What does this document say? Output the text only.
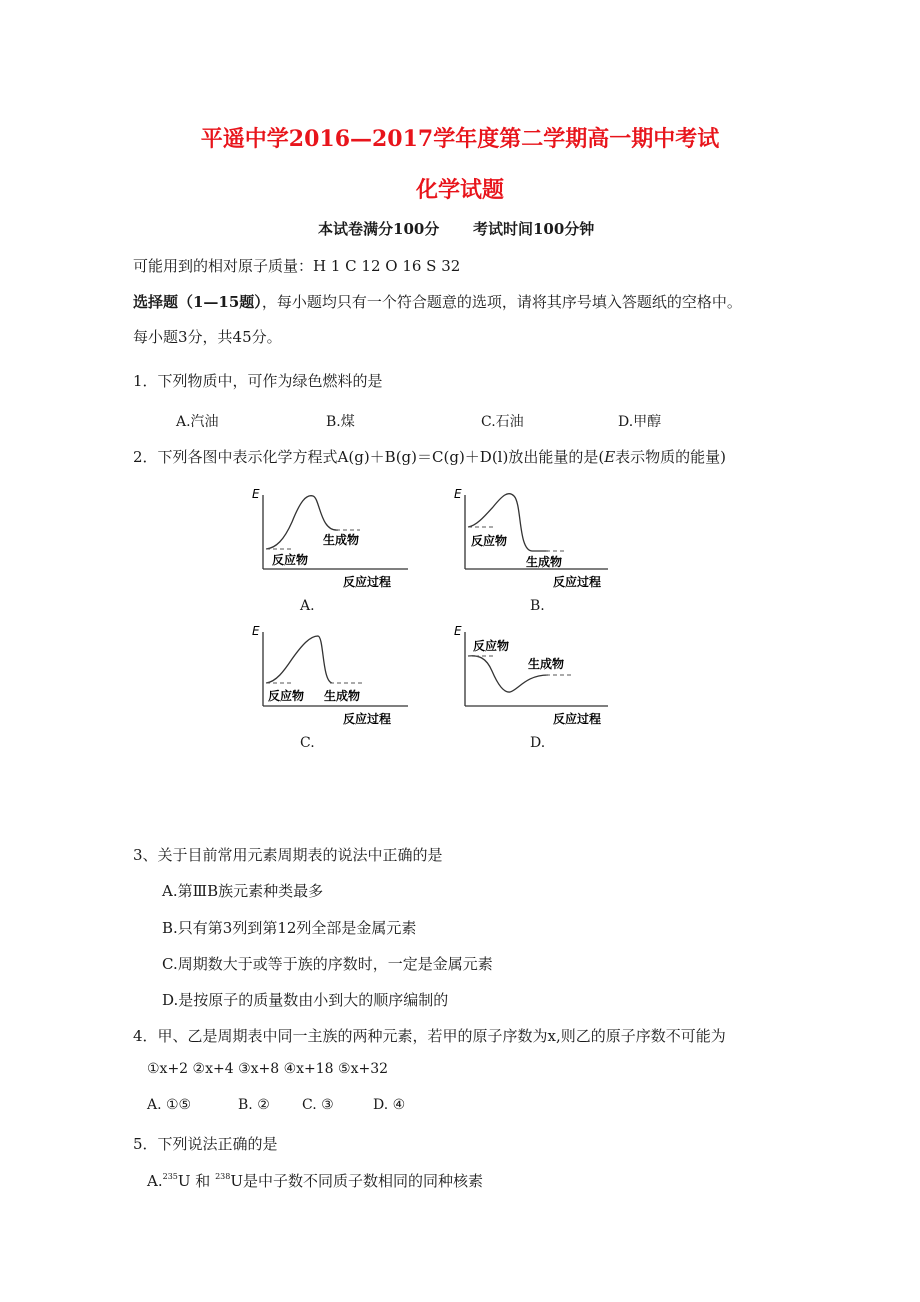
平遥中学2016—2017学年度第二学期高一期中考试
化学试题
本试卷满分100分 考试时间100分钟
可能用到的相对原子质量：H 1 C 12 O 16 S 32
选择题（1—15题），每小题均只有一个符合题意的选项，请将其序号填入答题纸的空格中。
每小题3分，共45分。
1．下列物质中，可作为绿色燃料的是
A.汽油	B.煤	C.石油	D.甲醇
2．下列各图中表示化学方程式A(g)＋B(g)＝C(g)＋D(l)放出能量的是(E表示物质的能量)
E
生成物
反应物
反应过程
A.
E
反应物
生成物
反应过程
B.
E
反应物 生成物
反应过程
C.
E
反应物
生成物
反应过程
D.
3、关于目前常用元素周期表的说法中正确的是
A.第ⅢB族元素种类最多
B.只有第3列到第12列全部是金属元素
C.周期数大于或等于族的序数时，一定是金属元素
D.是按原子的质量数由小到大的顺序编制的
4．甲、乙是周期表中同一主族的两种元素，若甲的原子序数为x,则乙的原子序数不可能为
①x+2 ②x+4 ③x+8 ④x+18 ⑤x+32
A. ①⑤	B. ② C. ③	D. ④
5．下列说法正确的是
A.$^{235}$U 和 $^{238}$U是中子数不同质子数相同的同种核素
